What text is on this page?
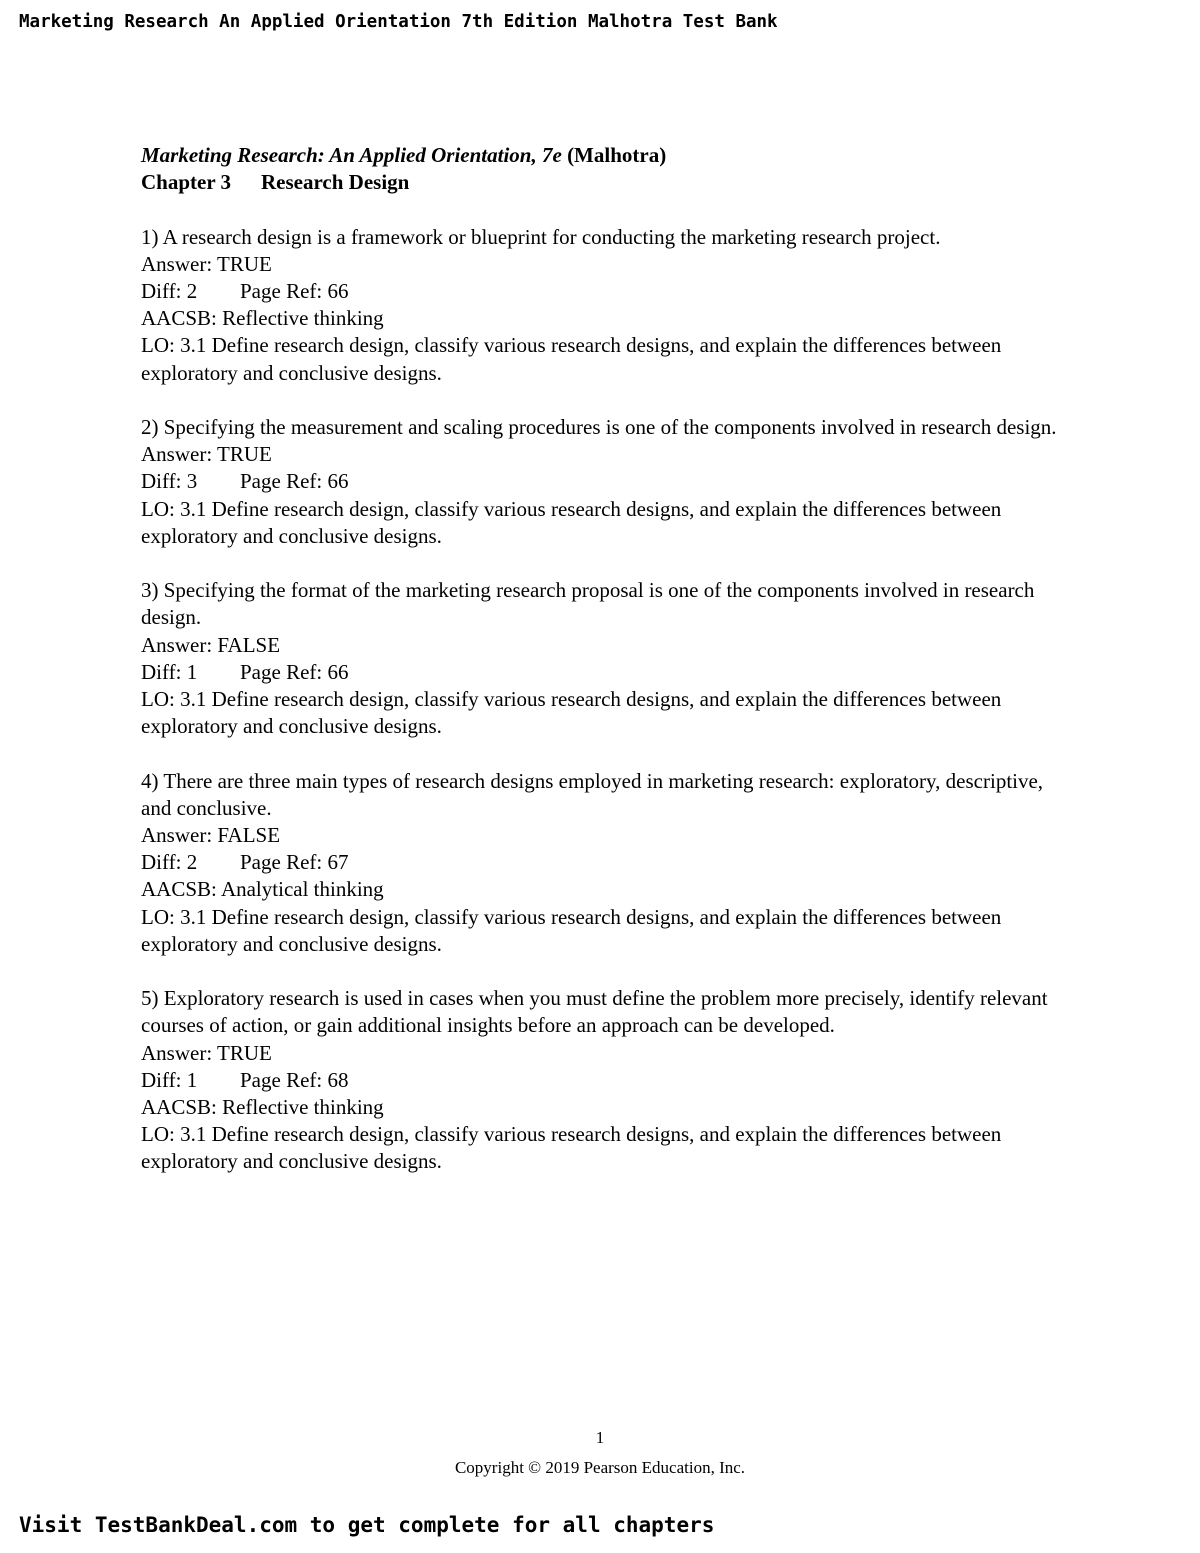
Marketing Research An Applied Orientation 7th Edition Malhotra Test Bank
Marketing Research: An Applied Orientation, 7e (Malhotra)
Chapter 3 Research Design
1) A research design is a framework or blueprint for conducting the marketing research project.
Answer: TRUE
Diff: 2 Page Ref: 66
AACSB: Reflective thinking
LO: 3.1 Define research design, classify various research designs, and explain the differences between exploratory and conclusive designs.
2) Specifying the measurement and scaling procedures is one of the components involved in research design.
Answer: TRUE
Diff: 3 Page Ref: 66
LO: 3.1 Define research design, classify various research designs, and explain the differences between exploratory and conclusive designs.
3) Specifying the format of the marketing research proposal is one of the components involved in research design.
Answer: FALSE
Diff: 1 Page Ref: 66
LO: 3.1 Define research design, classify various research designs, and explain the differences between exploratory and conclusive designs.
4) There are three main types of research designs employed in marketing research: exploratory, descriptive, and conclusive.
Answer: FALSE
Diff: 2 Page Ref: 67
AACSB: Analytical thinking
LO: 3.1 Define research design, classify various research designs, and explain the differences between exploratory and conclusive designs.
5) Exploratory research is used in cases when you must define the problem more precisely, identify relevant courses of action, or gain additional insights before an approach can be developed.
Answer: TRUE
Diff: 1 Page Ref: 68
AACSB: Reflective thinking
LO: 3.1 Define research design, classify various research designs, and explain the differences between exploratory and conclusive designs.
1
Copyright © 2019 Pearson Education, Inc.
Visit TestBankDeal.com to get complete for all chapters
